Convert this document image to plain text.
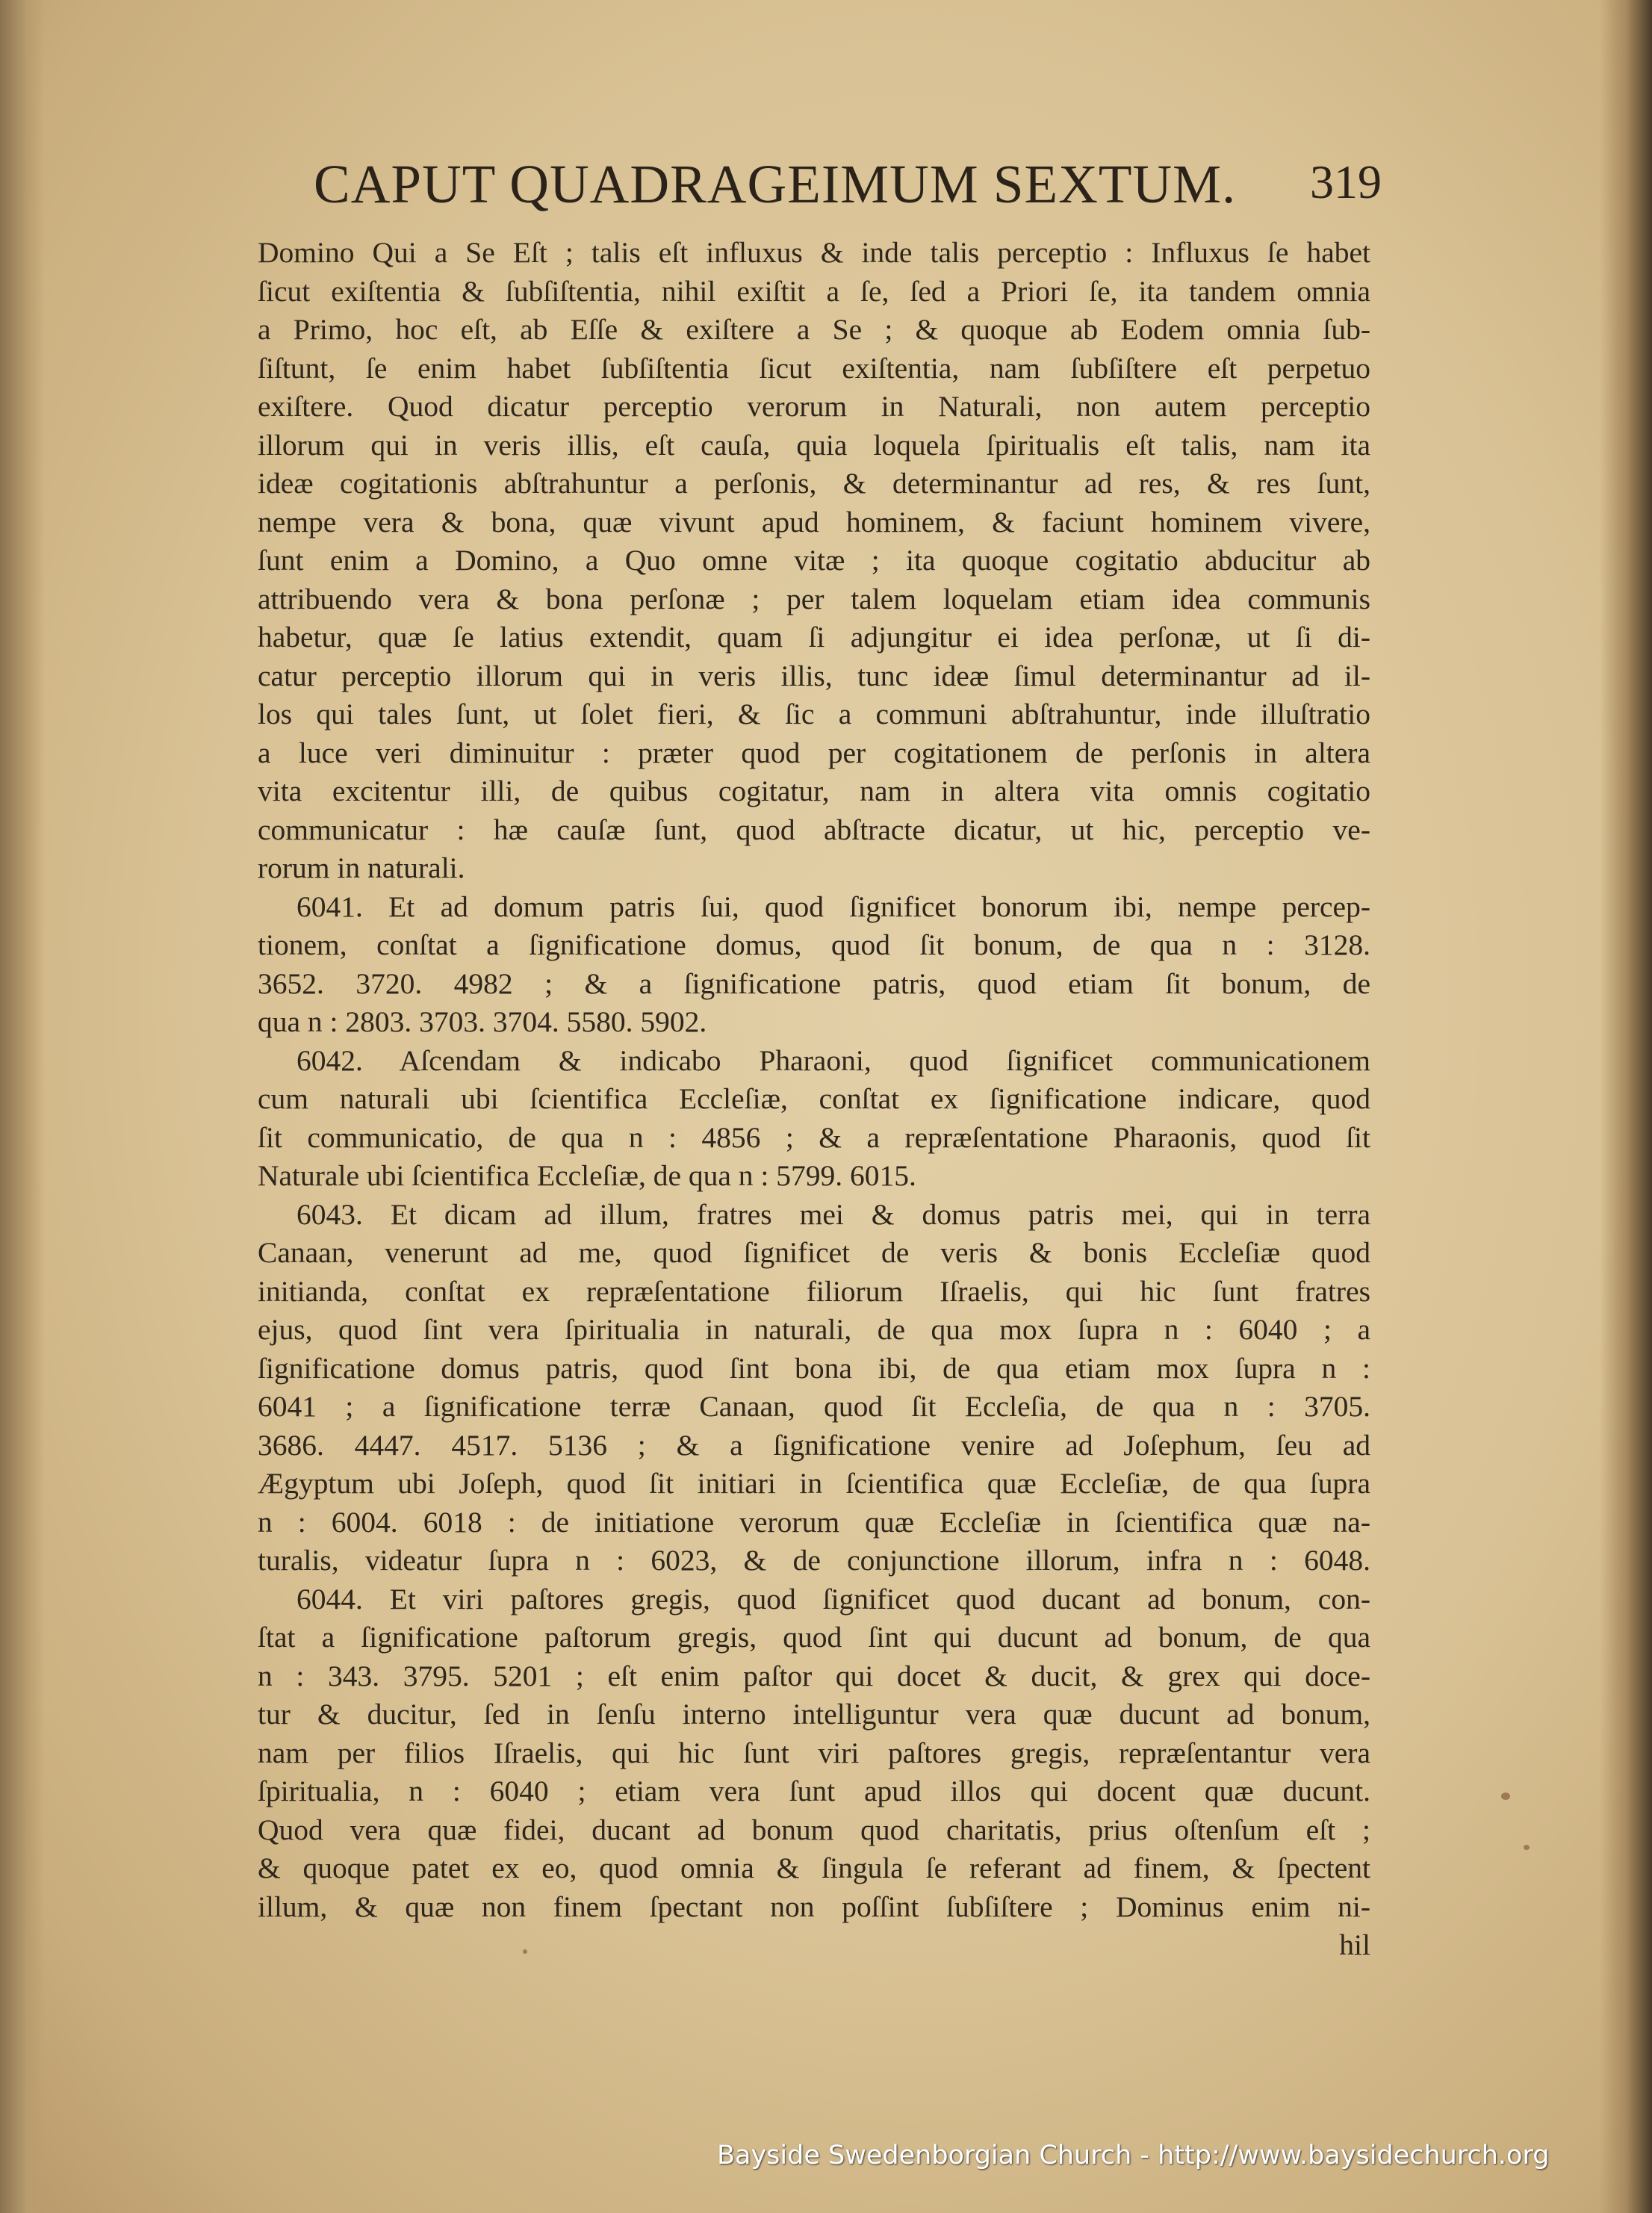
CAPUT QUADRAGEIMUM SEXTUM. 319
Domino Qui a Se Eſt ; talis eſt influxus & inde talis perceptio : Influxus ſe habet
ſicut exiſtentia & ſubſiſtentia, nihil exiſtit a ſe, ſed a Priori ſe, ita tandem omnia
a Primo, hoc eſt, ab Eſſe & exiſtere a Se ; & quoque ab Eodem omnia ſub-
ſiſtunt, ſe enim habet ſubſiſtentia ſicut exiſtentia, nam ſubſiſtere eſt perpetuo
exiſtere. Quod dicatur perceptio verorum in Naturali, non autem perceptio
illorum qui in veris illis, eſt cauſa, quia loquela ſpiritualis eſt talis, nam ita
ideæ cogitationis abſtrahuntur a perſonis, & determinantur ad res, & res ſunt,
nempe vera & bona, quæ vivunt apud hominem, & faciunt hominem vivere,
ſunt enim a Domino, a Quo omne vitæ ; ita quoque cogitatio abducitur ab
attribuendo vera & bona perſonæ ; per talem loquelam etiam idea communis
habetur, quæ ſe latius extendit, quam ſi adjungitur ei idea perſonæ, ut ſi di-
catur perceptio illorum qui in veris illis, tunc ideæ ſimul determinantur ad il-
los qui tales ſunt, ut ſolet fieri, & ſic a communi abſtrahuntur, inde illuſtratio
a luce veri diminuitur : præter quod per cogitationem de perſonis in altera
vita excitentur illi, de quibus cogitatur, nam in altera vita omnis cogitatio
communicatur : hæ cauſæ ſunt, quod abſtracte dicatur, ut hic, perceptio ve-
rorum in naturali.
6041. Et ad domum patris ſui, quod ſignificet bonorum ibi, nempe percep-
tionem, conſtat a ſignificatione domus, quod ſit bonum, de qua n : 3128.
3652. 3720. 4982 ; & a ſignificatione patris, quod etiam ſit bonum, de
qua n : 2803. 3703. 3704. 5580. 5902.
6042. Aſcendam & indicabo Pharaoni, quod ſignificet communicationem
cum naturali ubi ſcientifica Eccleſiæ, conſtat ex ſignificatione indicare, quod
ſit communicatio, de qua n : 4856 ; & a repræſentatione Pharaonis, quod ſit
Naturale ubi ſcientifica Eccleſiæ, de qua n : 5799. 6015.
6043. Et dicam ad illum, fratres mei & domus patris mei, qui in terra
Canaan, venerunt ad me, quod ſignificet de veris & bonis Eccleſiæ quod
initianda, conſtat ex repræſentatione filiorum Iſraelis, qui hic ſunt fratres
ejus, quod ſint vera ſpiritualia in naturali, de qua mox ſupra n : 6040 ; a
ſignificatione domus patris, quod ſint bona ibi, de qua etiam mox ſupra n :
6041 ; a ſignificatione terræ Canaan, quod ſit Eccleſia, de qua n : 3705.
3686. 4447. 4517. 5136 ; & a ſignificatione venire ad Joſephum, ſeu ad
Ægyptum ubi Joſeph, quod ſit initiari in ſcientifica quæ Eccleſiæ, de qua ſupra
n : 6004. 6018 : de initiatione verorum quæ Eccleſiæ in ſcientifica quæ na-
turalis, videatur ſupra n : 6023, & de conjunctione illorum, infra n : 6048.
6044. Et viri paſtores gregis, quod ſignificet quod ducant ad bonum, con-
ſtat a ſignificatione paſtorum gregis, quod ſint qui ducunt ad bonum, de qua
n : 343. 3795. 5201 ; eſt enim paſtor qui docet & ducit, & grex qui doce-
tur & ducitur, ſed in ſenſu interno intelliguntur vera quæ ducunt ad bonum,
nam per filios Iſraelis, qui hic ſunt viri paſtores gregis, repræſentantur vera
ſpiritualia, n : 6040 ; etiam vera ſunt apud illos qui docent quæ ducunt.
Quod vera quæ fidei, ducant ad bonum quod charitatis, prius oſtenſum eſt ;
& quoque patet ex eo, quod omnia & ſingula ſe referant ad finem, & ſpectent
illum, & quæ non finem ſpectant non poſſint ſubſiſtere ; Dominus enim ni-
hil
Bayside Swedenborgian Church - http://www.baysidechurch.org
